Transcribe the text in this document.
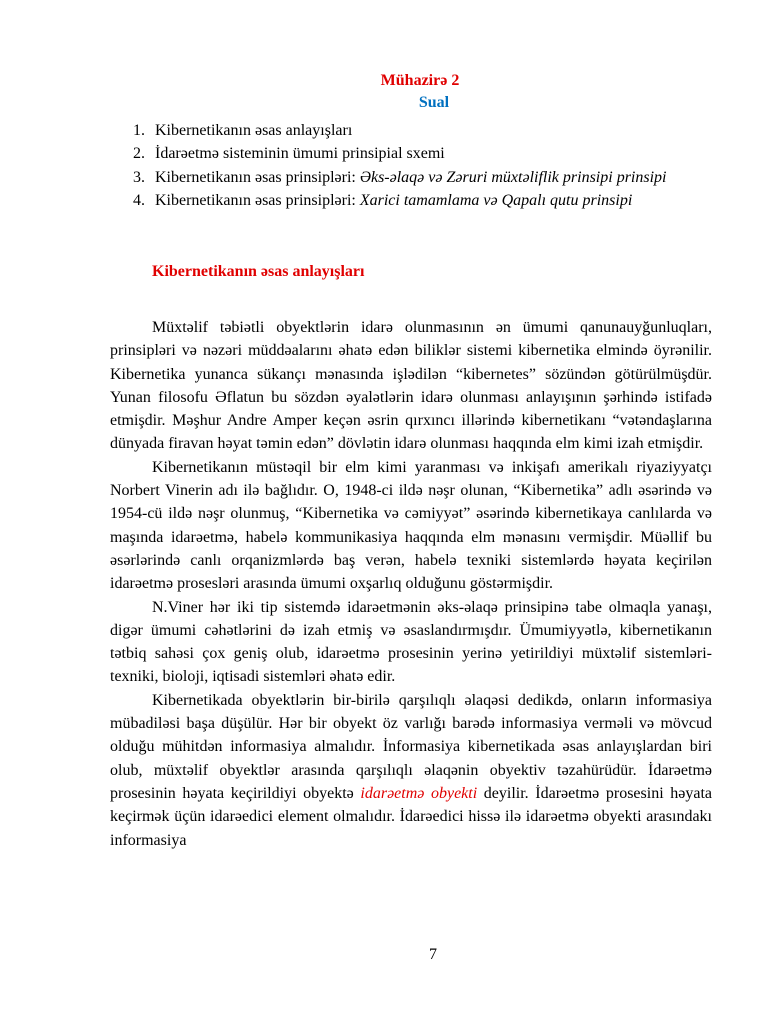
Mühazirə 2
Sual
1. Kibernetikanın əsas anlayışları
2. İdarəetmə sisteminin ümumi prinsipial sxemi
3. Kibernetikanın əsas prinsipləri: Əks-əlaqə və Zəruri müxtəliflik prinsipi prinsipi
4. Kibernetikanın əsas prinsipləri: Xarici tamamlama və Qapalı qutu prinsipi
Kibernetikanın əsas anlayışları

Müxtəlif təbiətli obyektlərin idarə olunmasının ən ümumi qanunauyğunluqları, prinsipləri və nəzəri müddəalarını əhatə edən biliklər sistemi kibernetika elmində öyrənilir. Kibernetika yunanca sükançı mənasında işlədilən “kibernetes” sözündən götürülmüşdür. Yunan filosofu Əflatun bu sözdən əyalətlərin idarə olunması anlayışının şərhində istifadə etmişdir. Məşhur Andre Amper keçən əsrin qırxıncı illərində kibernetikanı “vətəndaşlarına dünyada firavan həyat təmin edən” dövlətin idarə olunması haqqında elm kimi izah etmişdir.

Kibernetikanın müstəqil bir elm kimi yaranması və inkişafı amerikalı riyaziyyatçı Norbert Vinerin adı ilə bağlıdır. O, 1948-ci ildə nəşr olunan, “Kibernetika” adlı əsərində və 1954-cü ildə nəşr olunmuş, “Kibernetika və cəmiyyət” əsərində kibernetikaya canlılarda və maşında idarəetmə, habelə kommunikasiya haqqında elm mənasını vermişdir. Müəllif bu əsərlərində canlı orqanizmlərdə baş verən, habelə texniki sistemlərdə həyata keçirilən idarəetmə prosesləri arasında ümumi oxşarlıq olduğunu göstərmişdir.

N.Viner hər iki tip sistemdə idarəetmənin əks-əlaqə prinsipinə tabe olmaqla yanaşı, digər ümumi cəhətlərini də izah etmiş və əsaslandırmışdır. Ümumiyyətlə, kibernetikanın tətbiq sahəsi çox geniş olub, idarəetmə prosesinin yerinə yetirildiyi müxtəlif sistemləri-texniki, bioloji, iqtisadi sistemləri əhatə edir.

Kibernetikada obyektlərin bir-birilə qarşılıqlı əlaqəsi dedikdə, onların informasiya mübadiləsi başa düşülür. Hər bir obyekt öz varlığı barədə informasiya verməli və mövcud olduğu mühitdən informasiya almalıdır. İnformasiya kibernetikada əsas anlayışlardan biri olub, müxtəlif obyektlər arasında qarşılıqlı əlaqənin obyektiv təzahürüdür. İdarəetmə prosesinin həyata keçirildiyi obyektə idarəetmə obyekti deyilir. İdarəetmə prosesini həyata keçirmək üçün idarəedici element olmalıdır. İdarəedici hissə ilə idarəetmə obyekti arasındakı informasiya

7
